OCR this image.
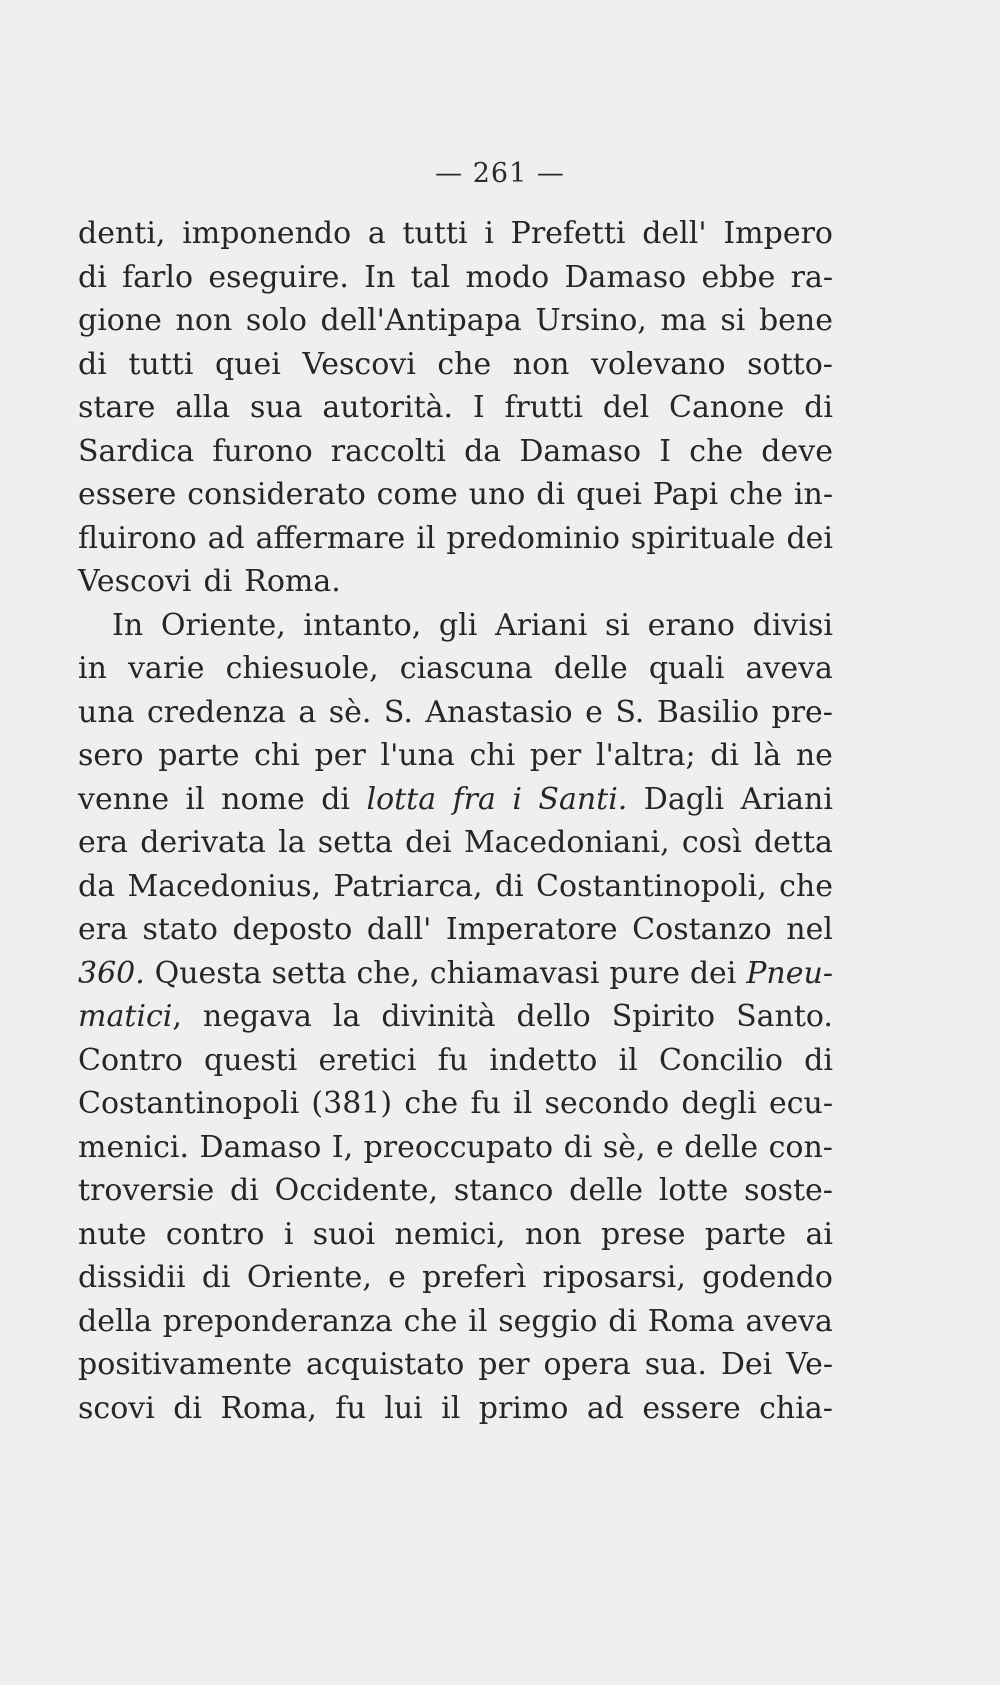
— 261 —
denti, imponendo a tutti i Prefetti dell' Impero
di farlo eseguire. In tal modo Damaso ebbe ra-
gione non solo dell'Antipapa Ursino, ma si bene
di tutti quei Vescovi che non volevano sotto-
stare alla sua autorità. I frutti del Canone di
Sardica furono raccolti da Damaso I che deve
essere considerato come uno di quei Papi che in-
fluirono ad affermare il predominio spirituale dei
Vescovi di Roma.
In Oriente, intanto, gli Ariani si erano divisi
in varie chiesuole, ciascuna delle quali aveva
una credenza a sè. S. Anastasio e S. Basilio pre-
sero parte chi per l'una chi per l'altra; di là ne
venne il nome di lotta fra i Santi. Dagli Ariani
era derivata la setta dei Macedoniani, così detta
da Macedonius, Patriarca, di Costantinopoli, che
era stato deposto dall' Imperatore Costanzo nel
360. Questa setta che, chiamavasi pure dei Pneu-
matici, negava la divinità dello Spirito Santo.
Contro questi eretici fu indetto il Concilio di
Costantinopoli (381) che fu il secondo degli ecu-
menici. Damaso I, preoccupato di sè, e delle con-
troversie di Occidente, stanco delle lotte soste-
nute contro i suoi nemici, non prese parte ai
dissidii di Oriente, e preferì riposarsi, godendo
della preponderanza che il seggio di Roma aveva
positivamente acquistato per opera sua. Dei Ve-
scovi di Roma, fu lui il primo ad essere chia-
